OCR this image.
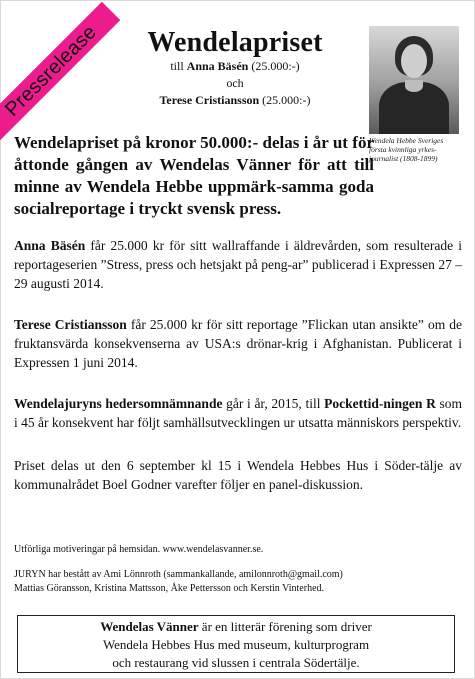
Pressrelease	Wendelapriset
till Anna Bäsén (25.000:-)
och
Terese Cristiansson (25.000:-)
Wendela Hebbe Sveriges första kvinnliga yrkes-journalist (1808-1899)
Wendelapriset på kronor 50.000:- delas i år ut för åttonde gången av Wendelas Vänner för att till minne av Wendela Hebbe uppmärk-samma goda socialreportage i tryckt svensk press.
Anna Bäsén får 25.000 kr för sitt wallraffande i äldrevården, som resulterade i reportageserien ”Stress, press och hetsjakt på peng-ar” publicerad i Expressen 27 – 29 augusti 2014.
Terese Cristiansson får 25.000 kr för sitt reportage ”Flickan utan ansikte” om de fruktansvärda konsekvenserna av USA:s drönar-krig i Afghanistan. Publicerat i Expressen 1 juni 2014.
Wendelajuryns hedersomnämnande går i år, 2015, till Pockettid-ningen R som i 45 år konsekvent har följt samhällsutvecklingen ur utsatta människors perspektiv.
Priset delas ut den 6 september kl 15 i Wendela Hebbes Hus i Söder-tälje av kommunalrådet Boel Godner varefter följer en panel-diskussion.
Utförliga motiveringar på hemsidan. www.wendelasvanner.se.
JURYN har bestått av Ami Lönnroth (sammankallande, amilonnroth@gmail.com)
Mattias Göransson, Kristina Mattsson, Åke Pettersson och Kerstin Vinterhed.
Wendelas Vänner är en litterär förening som driver
Wendela Hebbes Hus med museum, kulturprogram
och restaurang vid slussen i centrala Södertälje.
